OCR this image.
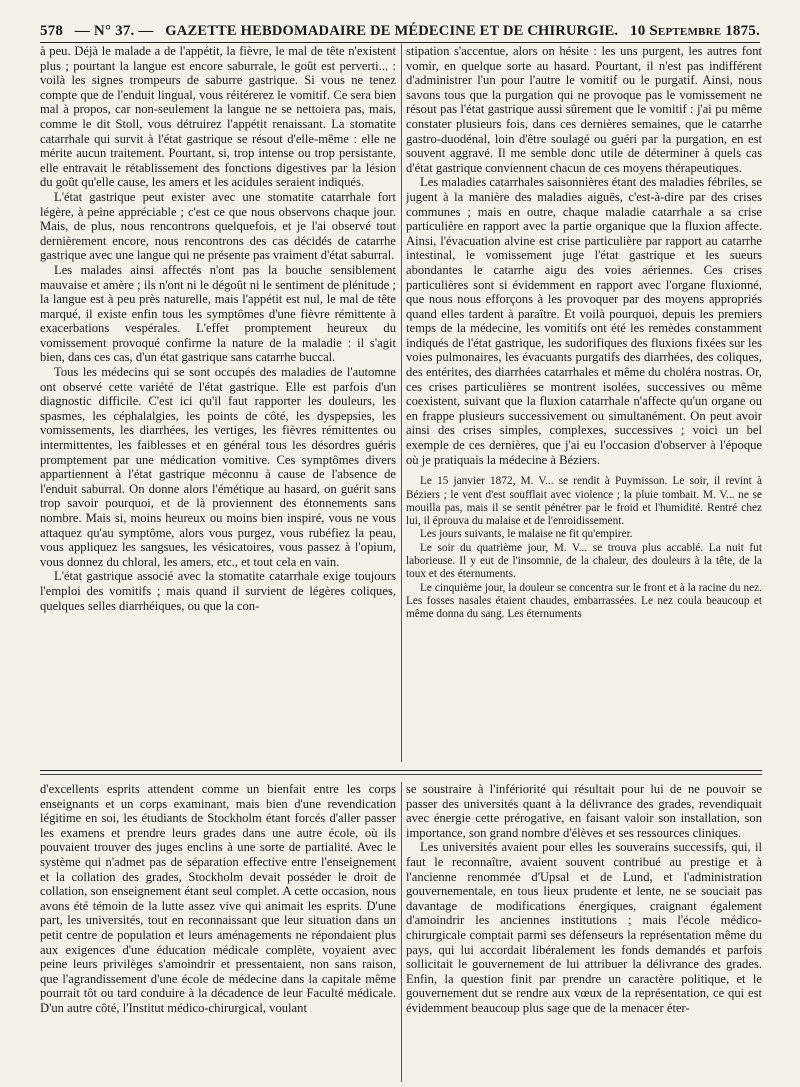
578 — N° 37. — GAZETTE HEBDOMADAIRE DE MÉDECINE ET DE CHIRURGIE. 10 Septembre 1875.

à peu. Déjà le malade a de l'appétit, la fièvre, le mal de tête n'existent plus ; pourtant la langue est encore saburrale, le goût est perverti... : voilà les signes trompeurs de saburre gastrique. Si vous ne tenez compte que de l'enduit lingual, vous réitérerez le vomitif. Ce sera bien mal à propos, car non-seulement la langue ne se nettoiera pas, mais, comme le dit Stoll, vous détruirez l'appétit renaissant. La stomatite catarrhale qui survit à l'état gastrique se résout d'elle-même : elle ne mérite aucun traitement. Pourtant, si, trop intense ou trop persistante, elle entravait le rétablissement des fonctions digestives par la lésion du goût qu'elle cause, les amers et les acidules seraient indiqués.

L'état gastrique peut exister avec une stomatite catarrhale fort légère, à peine appréciable ; c'est ce que nous observons chaque jour. Mais, de plus, nous rencontrons quelquefois, et je l'ai observé tout dernièrement encore, nous rencontrons des cas décidés de catarrhe gastrique avec une langue qui ne présente pas vraiment d'état saburral.

Les malades ainsi affectés n'ont pas la bouche sensiblement mauvaise et amère ; ils n'ont ni le dégoût ni le sentiment de plénitude ; la langue est à peu près naturelle, mais l'appétit est nul, le mal de tête marqué, il existe enfin tous les symptômes d'une fièvre rémittente à exacerbations vespérales. L'effet promptement heureux du vomissement provoqué confirme la nature de la maladie : il s'agit bien, dans ces cas, d'un état gastrique sans catarrhe buccal.

Tous les médecins qui se sont occupés des maladies de l'automne ont observé cette variété de l'état gastrique. Elle est parfois d'un diagnostic difficile. C'est ici qu'il faut rapporter les douleurs, les spasmes, les céphalalgies, les points de côté, les dyspepsies, les vomissements, les diarrhées, les vertiges, les fièvres rémittentes ou intermittentes, les faiblesses et en général tous les désordres guéris promptement par une médication vomitive. Ces symptômes divers appartiennent à l'état gastrique méconnu à cause de l'absence de l'enduit saburral. On donne alors l'émétique au hasard, on guérit sans trop savoir pourquoi, et de là proviennent des étonnements sans nombre. Mais si, moins heureux ou moins bien inspiré, vous ne vous attaquez qu'au symptôme, alors vous purgez, vous rubéfiez la peau, vous appliquez les sangsues, les vésicatoires, vous passez à l'opium, vous donnez du chloral, les amers, etc., et tout cela en vain.

L'état gastrique associé avec la stomatite catarrhale exige toujours l'emploi des vomitifs ; mais quand il survient de légères coliques, quelques selles diarrhéiques, ou que la con-

stipation s'accentue, alors on hésite : les uns purgent, les autres font vomir, en quelque sorte au hasard. Pourtant, il n'est pas indifférent d'administrer l'un pour l'autre le vomitif ou le purgatif. Ainsi, nous savons tous que la purgation qui ne provoque pas le vomissement ne résout pas l'état gastrique aussi sûrement que le vomitif : j'ai pu même constater plusieurs fois, dans ces dernières semaines, que le catarrhe gastro-duodénal, loin d'être soulagé ou guéri par la purgation, en est souvent aggravé. Il me semble donc utile de déterminer à quels cas d'état gastrique conviennent chacun de ces moyens thérapeutiques.

Les maladies catarrhales saisonnières étant des maladies fébriles, se jugent à la manière des maladies aiguës, c'est-à-dire par des crises communes ; mais en outre, chaque maladie catarrhale a sa crise particulière en rapport avec la partie organique que la fluxion affecte. Ainsi, l'évacuation alvine est crise particulière par rapport au catarrhe intestinal, le vomissement juge l'état gastrique et les sueurs abondantes le catarrhe aigu des voies aériennes. Ces crises particulières sont si évidemment en rapport avec l'organe fluxionné, que nous nous efforçons à les provoquer par des moyens appropriés quand elles tardent à paraître. Et voilà pourquoi, depuis les premiers temps de la médecine, les vomitifs ont été les remèdes constamment indiqués de l'état gastrique, les sudorifiques des fluxions fixées sur les voies pulmonaires, les évacuants purgatifs des diarrhées, des coliques, des entérites, des diarrhées catarrhales et même du choléra nostras. Or, ces crises particulières se montrent isolées, successives ou même coexistent, suivant que la fluxion catarrhale n'affecte qu'un organe ou en frappe plusieurs successivement ou simultanément. On peut avoir ainsi des crises simples, complexes, successives ; voici un bel exemple de ces dernières, que j'ai eu l'occasion d'observer à l'époque où je pratiquais la médecine à Béziers.

Le 15 janvier 1872, M. V... se rendit à Puymisson. Le soir, il revint à Béziers ; le vent d'est soufflait avec violence ; la pluie tombait. M. V... ne se mouilla pas, mais il se sentit pénétrer par le froid et l'humidité. Rentré chez lui, il éprouva du malaise et de l'enroidissement.

Les jours suivants, le malaise ne fit qu'empirer.

Le soir du quatrième jour, M. V... se trouva plus accablé. La nuit fut laborieuse. Il y eut de l'insomnie, de la chaleur, des douleurs à la tête, de la toux et des éternuments.

Le cinquième jour, la douleur se concentra sur le front et à la racine du nez. Les fosses nasales étaient chaudes, embarrassées. Le nez coula beaucoup et même donna du sang. Les éternuments

d'excellents esprits attendent comme un bienfait entre les corps enseignants et un corps examinant, mais bien d'une revendication légitime en soi, les étudiants de Stockholm étant forcés d'aller passer les examens et prendre leurs grades dans une autre école, où ils pouvaient trouver des juges enclins à une sorte de partialité. Avec le système qui n'admet pas de séparation effective entre l'enseignement et la collation des grades, Stockholm devait posséder le droit de collation, son enseignement étant seul complet. A cette occasion, nous avons été témoin de la lutte assez vive qui animait les esprits. D'une part, les universités, tout en reconnaissant que leur situation dans un petit centre de population et leurs aménagements ne répondaient plus aux exigences d'une éducation médicale complète, voyaient avec peine leurs privilèges s'amoindrir et pressentaient, non sans raison, que l'agrandissement d'une école de médecine dans la capitale même pourrait tôt ou tard conduire à la décadence de leur Faculté médicale. D'un autre côté, l'Institut médico-chirurgical, voulant

se soustraire à l'infériorité qui résultait pour lui de ne pouvoir se passer des universités quant à la délivrance des grades, revendiquait avec énergie cette prérogative, en faisant valoir son installation, son importance, son grand nombre d'élèves et ses ressources cliniques.

Les universités avaient pour elles les souverains successifs, qui, il faut le reconnaître, avaient souvent contribué au prestige et à l'ancienne renommée d'Upsal et de Lund, et l'administration gouvernementale, en tous lieux prudente et lente, ne se souciait pas davantage de modifications énergiques, craignant également d'amoindrir les anciennes institutions ; mais l'école médico-chirurgicale comptait parmi ses défenseurs la représentation même du pays, qui lui accordait libéralement les fonds demandés et parfois sollicitait le gouvernement de lui attribuer la délivrance des grades. Enfin, la question finit par prendre un caractère politique, et le gouvernement dut se rendre aux vœux de la représentation, ce qui est évidemment beaucoup plus sage que de la menacer éter-
